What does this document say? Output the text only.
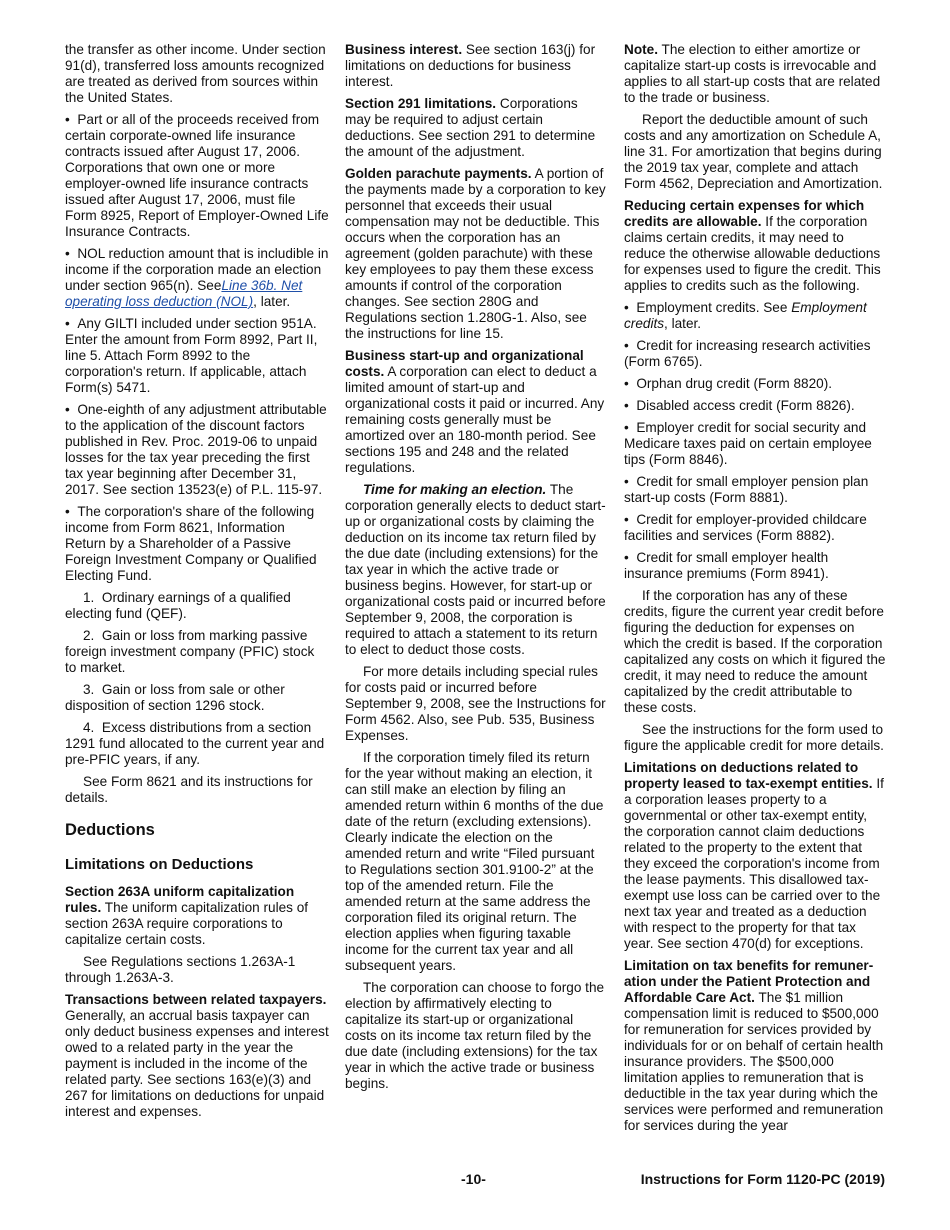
the transfer as other income. Under section 91(d), transferred loss amounts recognized are treated as derived from sources within the United States.

•  Part or all of the proceeds received from certain corporate-owned life insurance contracts issued after August 17, 2006. Corporations that own one or more employer-owned life insurance contracts issued after August 17, 2006, must file Form 8925, Report of Employer-Owned Life Insurance Contracts.

•  NOL reduction amount that is includible in income if the corporation made an election under section 965(n). SeeLine 36b. Net operating loss deduction (NOL), later.

•  Any GILTI included under section 951A. Enter the amount from Form 8992, Part II, line 5. Attach Form 8992 to the corporation's return. If applicable, attach Form(s) 5471.

•  One-eighth of any adjustment attributable to the application of the discount factors published in Rev. Proc. 2019-06 to unpaid losses for the tax year preceding the first tax year beginning after December 31, 2017. See section 13523(e) of P.L. 115-97.

•  The corporation's share of the following income from Form 8621, Information Return by a Shareholder of a Passive Foreign Investment Company or Qualified Electing Fund.

1.  Ordinary earnings of a qualified electing fund (QEF).

2.  Gain or loss from marking passive foreign investment company (PFIC) stock to market.

3.  Gain or loss from sale or other disposition of section 1296 stock.

4.  Excess distributions from a section 1291 fund allocated to the current year and pre-PFIC years, if any.

See Form 8621 and its instructions for details.

Deductions
Limitations on Deductions

Section 263A uniform capitalization rules. The uniform capitalization rules of section 263A require corporations to capitalize certain costs.

See Regulations sections 1.263A-1 through 1.263A-3.

Transactions between related taxpayers. Generally, an accrual basis taxpayer can only deduct business expenses and interest owed to a related party in the year the payment is included in the income of the related party. See sections 163(e)(3) and 267 for limitations on deductions for unpaid interest and expenses.

Business interest. See section 163(j) for limitations on deductions for business interest.

Section 291 limitations. Corporations may be required to adjust certain deductions. See section 291 to determine the amount of the adjustment.

Golden parachute payments. A portion of the payments made by a corporation to key personnel that exceeds their usual compensation may not be deductible. This occurs when the corporation has an agreement (golden parachute) with these key employees to pay them these excess amounts if control of the corporation changes. See section 280G and Regulations section 1.280G-1. Also, see the instructions for line 15.

Business start-up and organizational costs. A corporation can elect to deduct a limited amount of start-up and organizational costs it paid or incurred. Any remaining costs generally must be amortized over an 180-month period. See sections 195 and 248 and the related regulations.

Time for making an election. The corporation generally elects to deduct start-up or organizational costs by claiming the deduction on its income tax return filed by the due date (including extensions) for the tax year in which the active trade or business begins. However, for start-up or organizational costs paid or incurred before September 9, 2008, the corporation is required to attach a statement to its return to elect to deduct those costs.

For more details including special rules for costs paid or incurred before September 9, 2008, see the Instructions for Form 4562. Also, see Pub. 535, Business Expenses.

If the corporation timely filed its return for the year without making an election, it can still make an election by filing an amended return within 6 months of the due date of the return (excluding extensions). Clearly indicate the election on the amended return and write “Filed pursuant to Regulations section 301.9100-2” at the top of the amended return. File the amended return at the same address the corporation filed its original return. The election applies when figuring taxable income for the current tax year and all subsequent years.

The corporation can choose to forgo the election by affirmatively electing to capitalize its start-up or organizational costs on its income tax return filed by the due date (including extensions) for the tax year in which the active trade or business begins.

Note. The election to either amortize or capitalize start-up costs is irrevocable and applies to all start-up costs that are related to the trade or business.

Report the deductible amount of such costs and any amortization on Schedule A, line 31. For amortization that begins during the 2019 tax year, complete and attach Form 4562, Depreciation and Amortization.

Reducing certain expenses for which credits are allowable. If the corporation claims certain credits, it may need to reduce the otherwise allowable deductions for expenses used to figure the credit. This applies to credits such as the following.

•  Employment credits. See Employment credits, later.

•  Credit for increasing research activities (Form 6765).

•  Orphan drug credit (Form 8820).

•  Disabled access credit (Form 8826).

•  Employer credit for social security and Medicare taxes paid on certain employee tips (Form 8846).

•  Credit for small employer pension plan start-up costs (Form 8881).

•  Credit for employer-provided childcare facilities and services (Form 8882).

•  Credit for small employer health insurance premiums (Form 8941).

If the corporation has any of these credits, figure the current year credit before figuring the deduction for expenses on which the credit is based. If the corporation capitalized any costs on which it figured the credit, it may need to reduce the amount capitalized by the credit attributable to these costs.

See the instructions for the form used to figure the applicable credit for more details.

Limitations on deductions related to property leased to tax-exempt entities. If a corporation leases property to a governmental or other tax-exempt entity, the corporation cannot claim deductions related to the property to the extent that they exceed the corporation's income from the lease payments. This disallowed tax-exempt use loss can be carried over to the next tax year and treated as a deduction with respect to the property for that tax year. See section 470(d) for exceptions.

Limitation on tax benefits for remuneration under the Patient Protection and Affordable Care Act. The $1 million compensation limit is reduced to $500,000 for remuneration for services provided by individuals for or on behalf of certain health insurance providers. The $500,000 limitation applies to remuneration that is deductible in the tax year during which the services were performed and remuneration for services during the year

-10-	Instructions for Form 1120-PC (2019)
